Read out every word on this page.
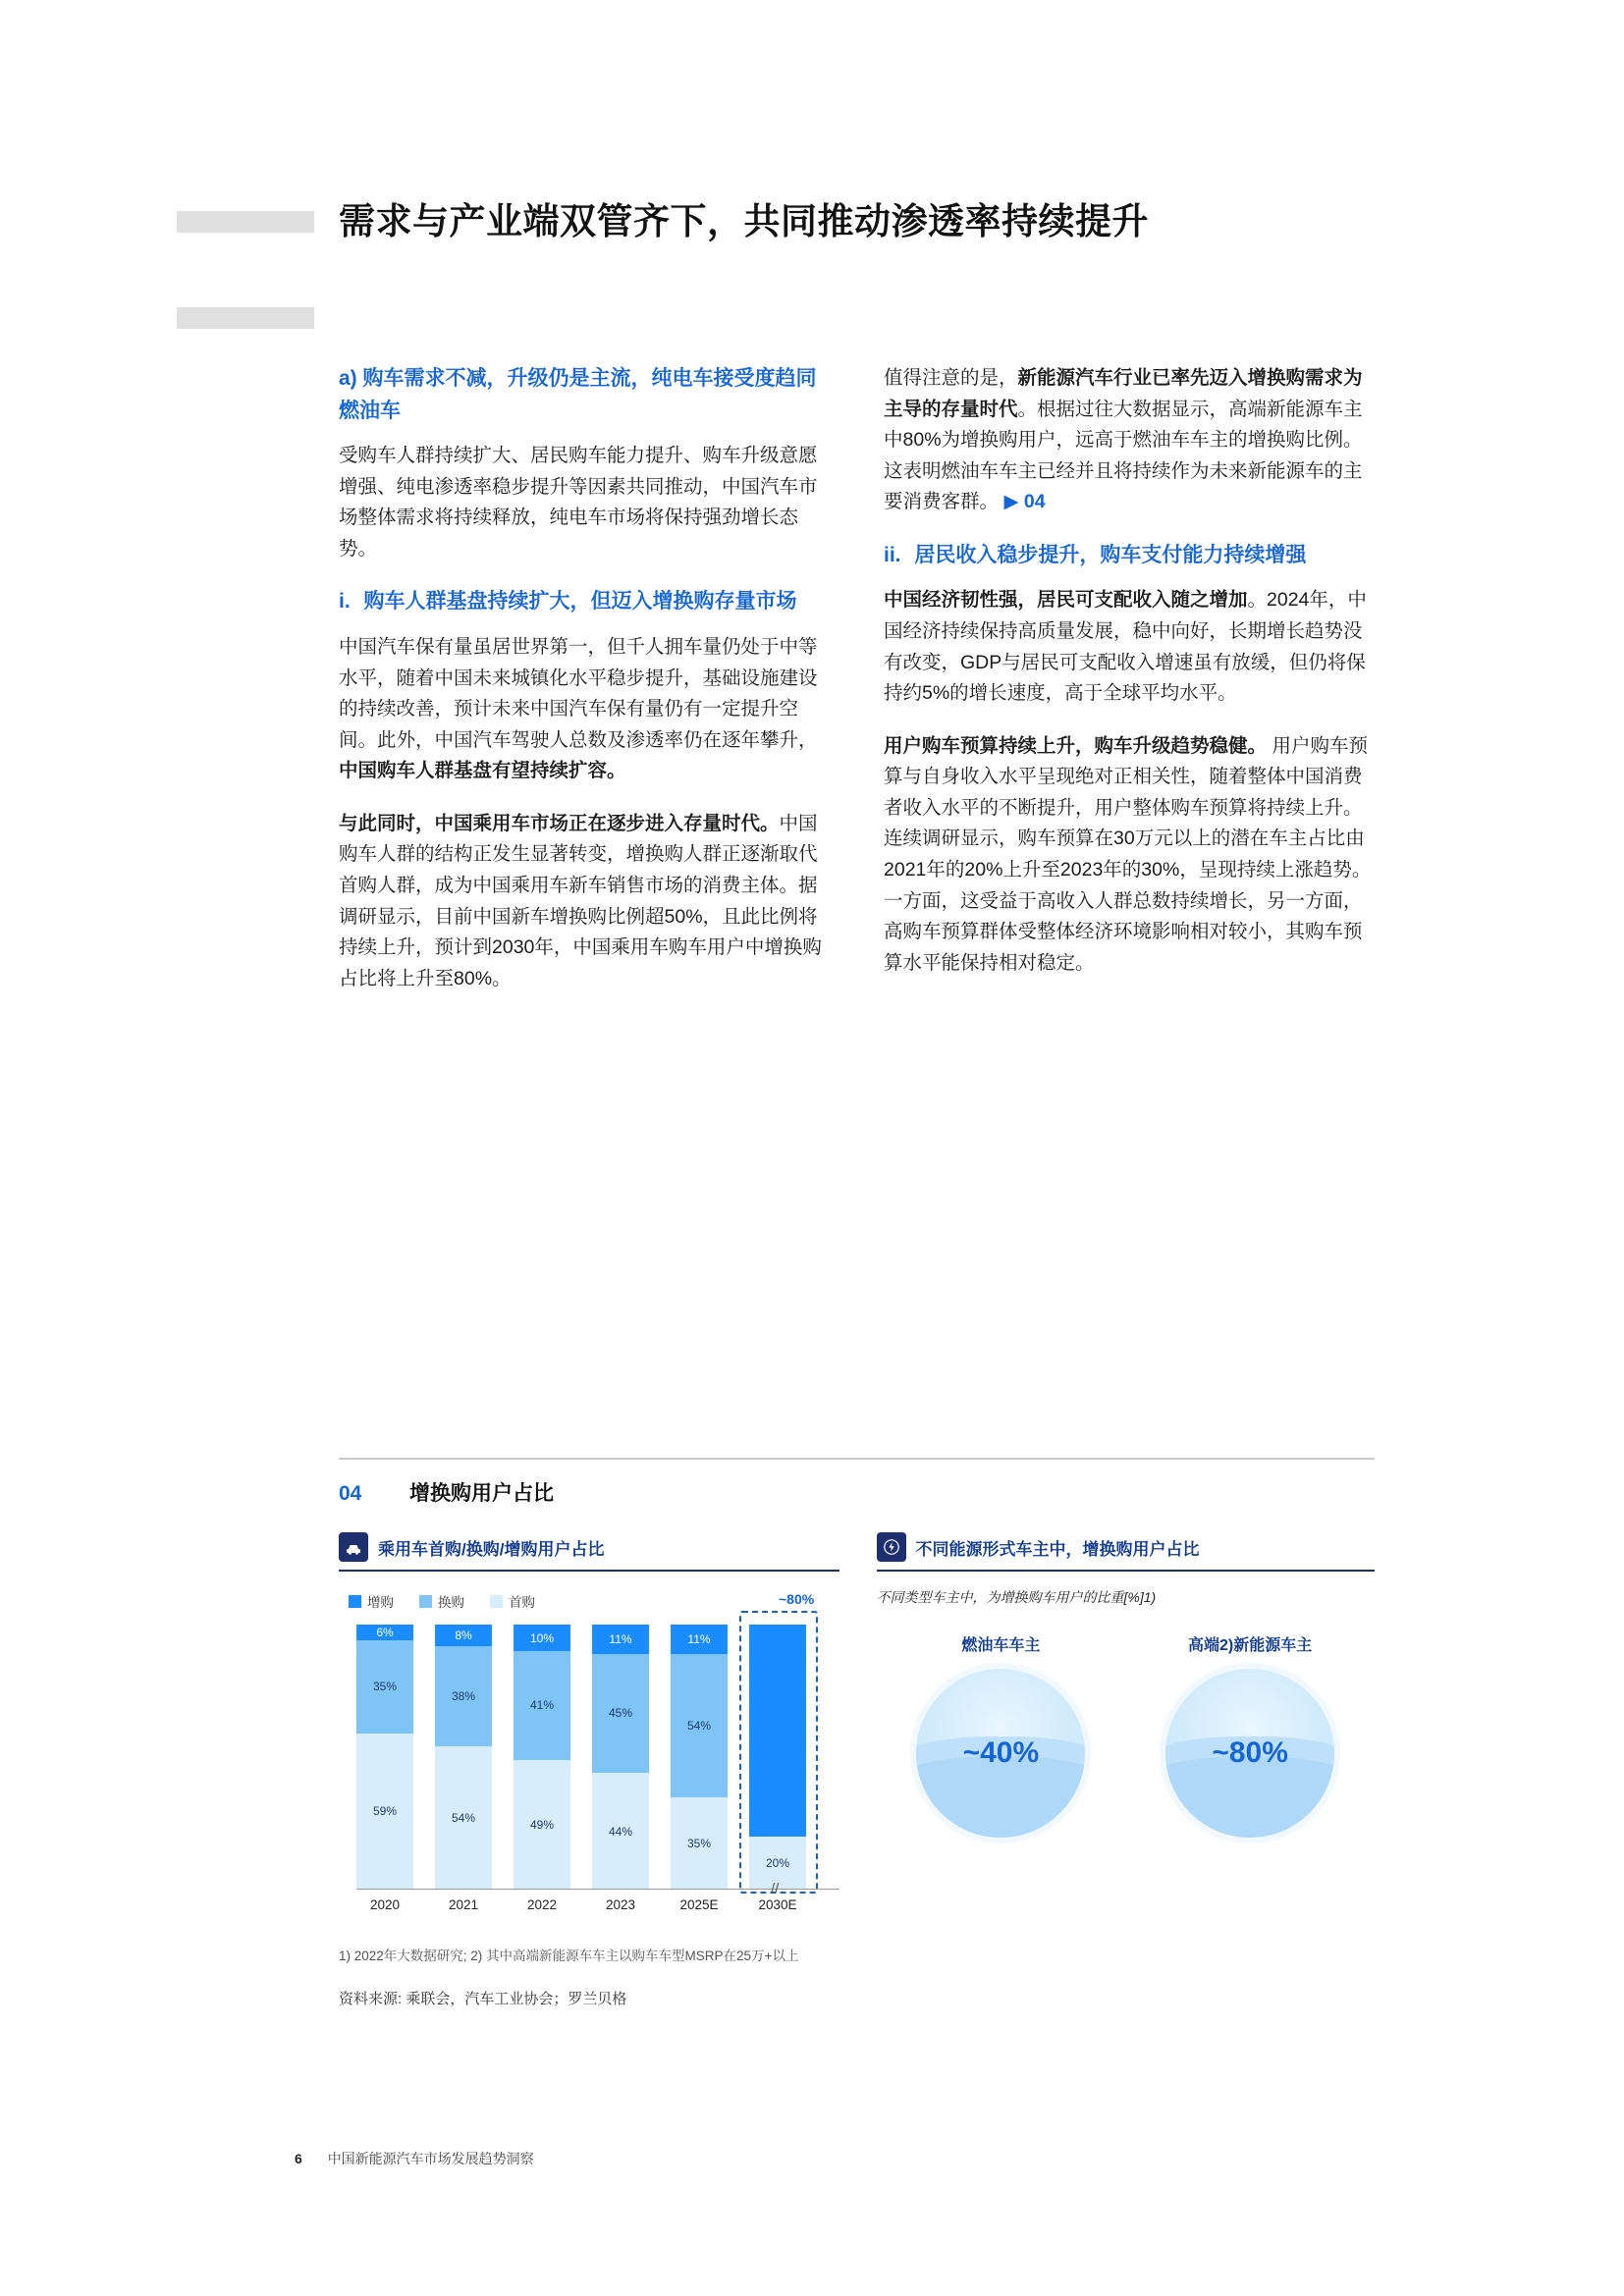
需求与产业端双管齐下，共同推动渗透率持续提升
a) 购车需求不减，升级仍是主流，纯电车接受度趋同燃油车

受购车人群持续扩大、居民购车能力提升、购车升级意愿增强、纯电渗透率稳步提升等因素共同推动，中国汽车市场整体需求将持续释放，纯电车市场将保持强劲增长态势。

i. 购车人群基盘持续扩大，但迈入增换购存量市场

中国汽车保有量虽居世界第一，但千人拥车量仍处于中等水平，随着中国未来城镇化水平稳步提升，基础设施建设的持续改善，预计未来中国汽车保有量仍有一定提升空间。此外，中国汽车驾驶人总数及渗透率仍在逐年攀升，中国购车人群基盘有望持续扩容。

与此同时，中国乘用车市场正在逐步进入存量时代。中国购车人群的结构正发生显著转变，增换购人群正逐渐取代首购人群，成为中国乘用车新车销售市场的消费主体。据调研显示，目前中国新车增换购比例超50%，且此比例将持续上升，预计到2030年，中国乘用车购车用户中增换购占比将上升至80%。

值得注意的是，新能源汽车行业已率先迈入增换购需求为主导的存量时代。根据过往大数据显示，高端新能源车主中80%为增换购用户，远高于燃油车车主的增换购比例。这表明燃油车车主已经并且将持续作为未来新能源车的主要消费客群。 ▶ 04

ii. 居民收入稳步提升，购车支付能力持续增强

中国经济韧性强，居民可支配收入随之增加。2024年，中国经济持续保持高质量发展，稳中向好，长期增长趋势没有改变，GDP与居民可支配收入增速虽有放缓，但仍将保持约5%的增长速度，高于全球平均水平。

用户购车预算持续上升，购车升级趋势稳健。 用户购车预算与自身收入水平呈现绝对正相关性，随着整体中国消费者收入水平的不断提升，用户整体购车预算将持续上升。连续调研显示，购车预算在30万元以上的潜在车主占比由2021年的20%上升至2023年的30%，呈现持续上涨趋势。一方面，这受益于高收入人群总数持续增长，另一方面，高购车预算群体受整体经济环境影响相对较小，其购车预算水平能保持相对稳定。

04	增换购用户占比
乘用车首购/换购/增购用户占比
增购	换购	首购
6%
35%
59%
8%
38%
54%
10%
41%
49%
11%
45%
44%
11%
54%
35%
20%
~80%
//
2020	2021	2022	2023	2025E	2030E
不同能源形式车主中，增换购用户占比
不同类型车主中，为增换购车用户的比重[%]1)
燃油车车主
~40%
高端2)新能源车主
~80%
1) 2022年大数据研究; 2) 其中高端新能源车车主以购车车型MSRP在25万+以上
资料来源: 乘联会，汽车工业协会；罗兰贝格
6 中国新能源汽车市场发展趋势洞察
